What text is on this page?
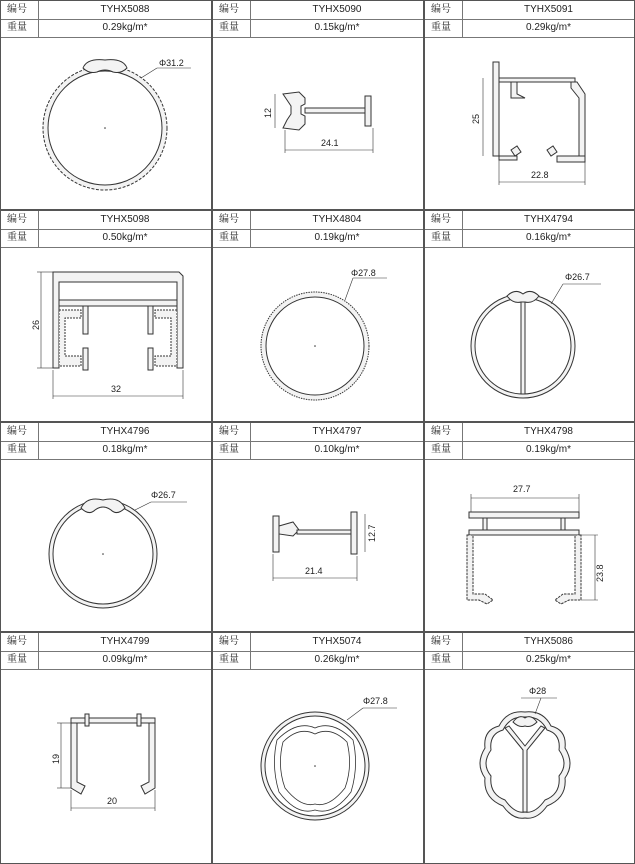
编号	TYHX5088
重量	0.29kg/m*
Φ31.2
编号	TYHX5090
重量	0.15kg/m*
12
24.1
编号	TYHX5091
重量	0.29kg/m*
25
22.8
编号	TYHX5098
重量	0.50kg/m*
26
32
编号	TYHX4804
重量	0.19kg/m*
Φ27.8
编号	TYHX4794
重量	0.16kg/m*
Φ26.7
编号	TYHX4796
重量	0.18kg/m*
Φ26.7
编号	TYHX4797
重量	0.10kg/m*
12.7
21.4
编号	TYHX4798
重量	0.19kg/m*
27.7
23.8
编号	TYHX4799
重量	0.09kg/m*
19
20
编号	TYHX5074
重量	0.26kg/m*
Φ27.8
编号	TYHX5086
重量	0.25kg/m*
Φ28
